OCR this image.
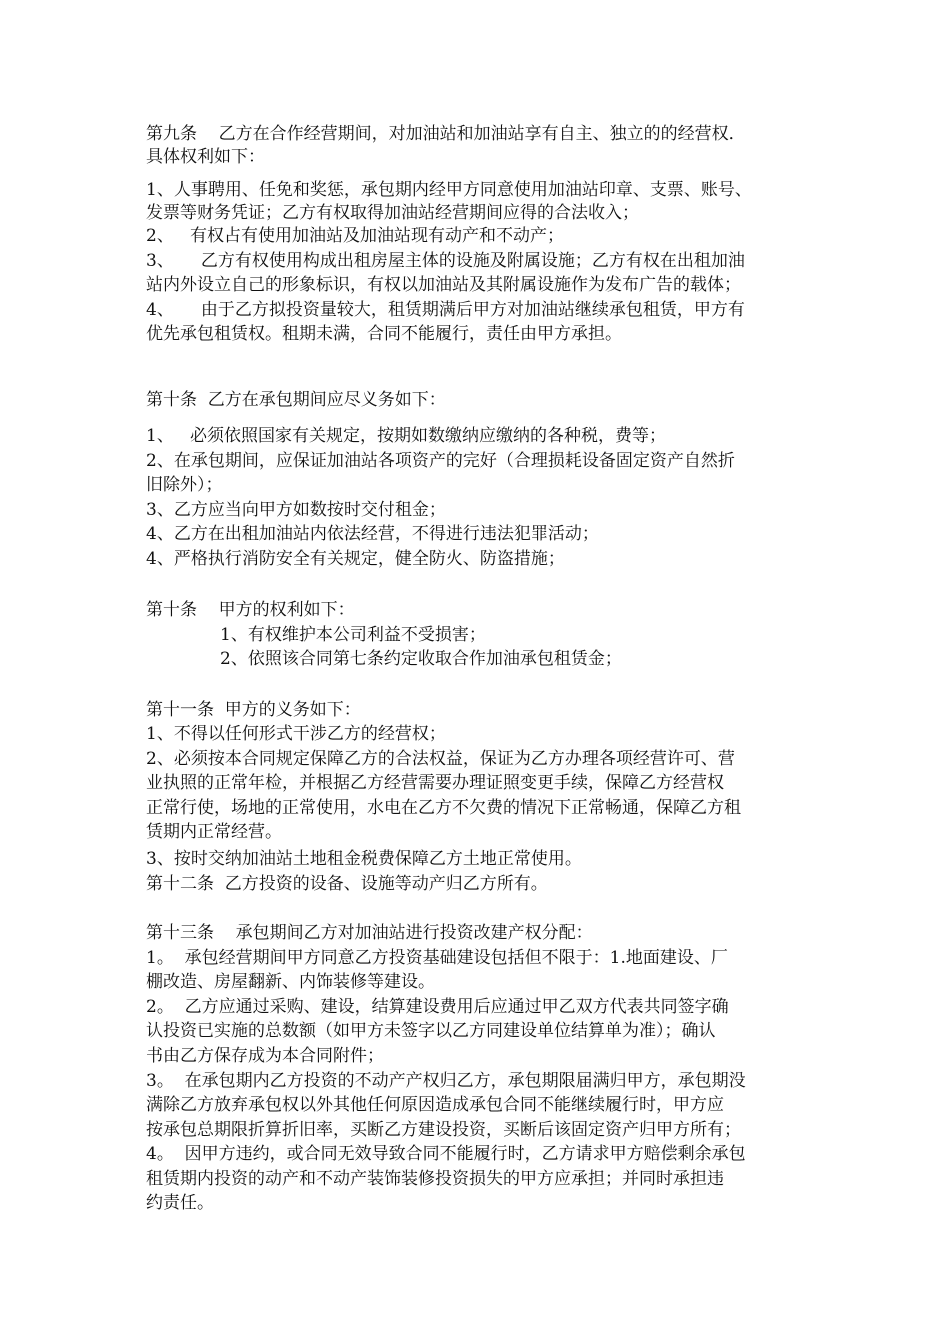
第九条    乙方在合作经营期间，对加油站和加油站享有自主、独立的的经营权．
具体权利如下：
1、人事聘用、任免和奖惩，承包期内经甲方同意使用加油站印章、支票、账号、
发票等财务凭证；乙方有权取得加油站经营期间应得的合法收入；
2、   有权占有使用加油站及加油站现有动产和不动产；
3、     乙方有权使用构成出租房屋主体的设施及附属设施；乙方有权在出租加油
站内外设立自己的形象标识，有权以加油站及其附属设施作为发布广告的载体；
4、     由于乙方拟投资量较大，租赁期满后甲方对加油站继续承包租赁，甲方有
优先承包租赁权。租期未满，合同不能履行，责任由甲方承担。
第十条  乙方在承包期间应尽义务如下：
1、   必须依照国家有关规定，按期如数缴纳应缴纳的各种税，费等；
2、在承包期间，应保证加油站各项资产的完好（合理损耗设备固定资产自然折
旧除外）；
3、乙方应当向甲方如数按时交付租金；
4、乙方在出租加油站内依法经营，不得进行违法犯罪活动；
4、严格执行消防安全有关规定，健全防火、防盗措施；
第十条    甲方的权利如下：
1、有权维护本公司利益不受损害；
2、依照该合同第七条约定收取合作加油承包租赁金；
第十一条  甲方的义务如下：
1、不得以任何形式干涉乙方的经营权；
2、必须按本合同规定保障乙方的合法权益，保证为乙方办理各项经营许可、营
业执照的正常年检，并根据乙方经营需要办理证照变更手续，保障乙方经营权
正常行使，场地的正常使用，水电在乙方不欠费的情况下正常畅通，保障乙方租
赁期内正常经营。
3、按时交纳加油站土地租金税费保障乙方土地正常使用。
第十二条  乙方投资的设备、设施等动产归乙方所有。
第十三条    承包期间乙方对加油站进行投资改建产权分配：
1。  承包经营期间甲方同意乙方投资基础建设包括但不限于：1.地面建设、厂
棚改造、房屋翻新、内饰装修等建设。
2。  乙方应通过采购、建设，结算建设费用后应通过甲乙双方代表共同签字确
认投资已实施的总数额（如甲方未签字以乙方同建设单位结算单为准）；确认
书由乙方保存成为本合同附件；
3。  在承包期内乙方投资的不动产产权归乙方，承包期限届满归甲方，承包期没
满除乙方放弃承包权以外其他任何原因造成承包合同不能继续履行时，甲方应
按承包总期限折算折旧率，买断乙方建设投资，买断后该固定资产归甲方所有；
4。  因甲方违约，或合同无效导致合同不能履行时，乙方请求甲方赔偿剩余承包
租赁期内投资的动产和不动产装饰装修投资损失的甲方应承担；并同时承担违
约责任。
